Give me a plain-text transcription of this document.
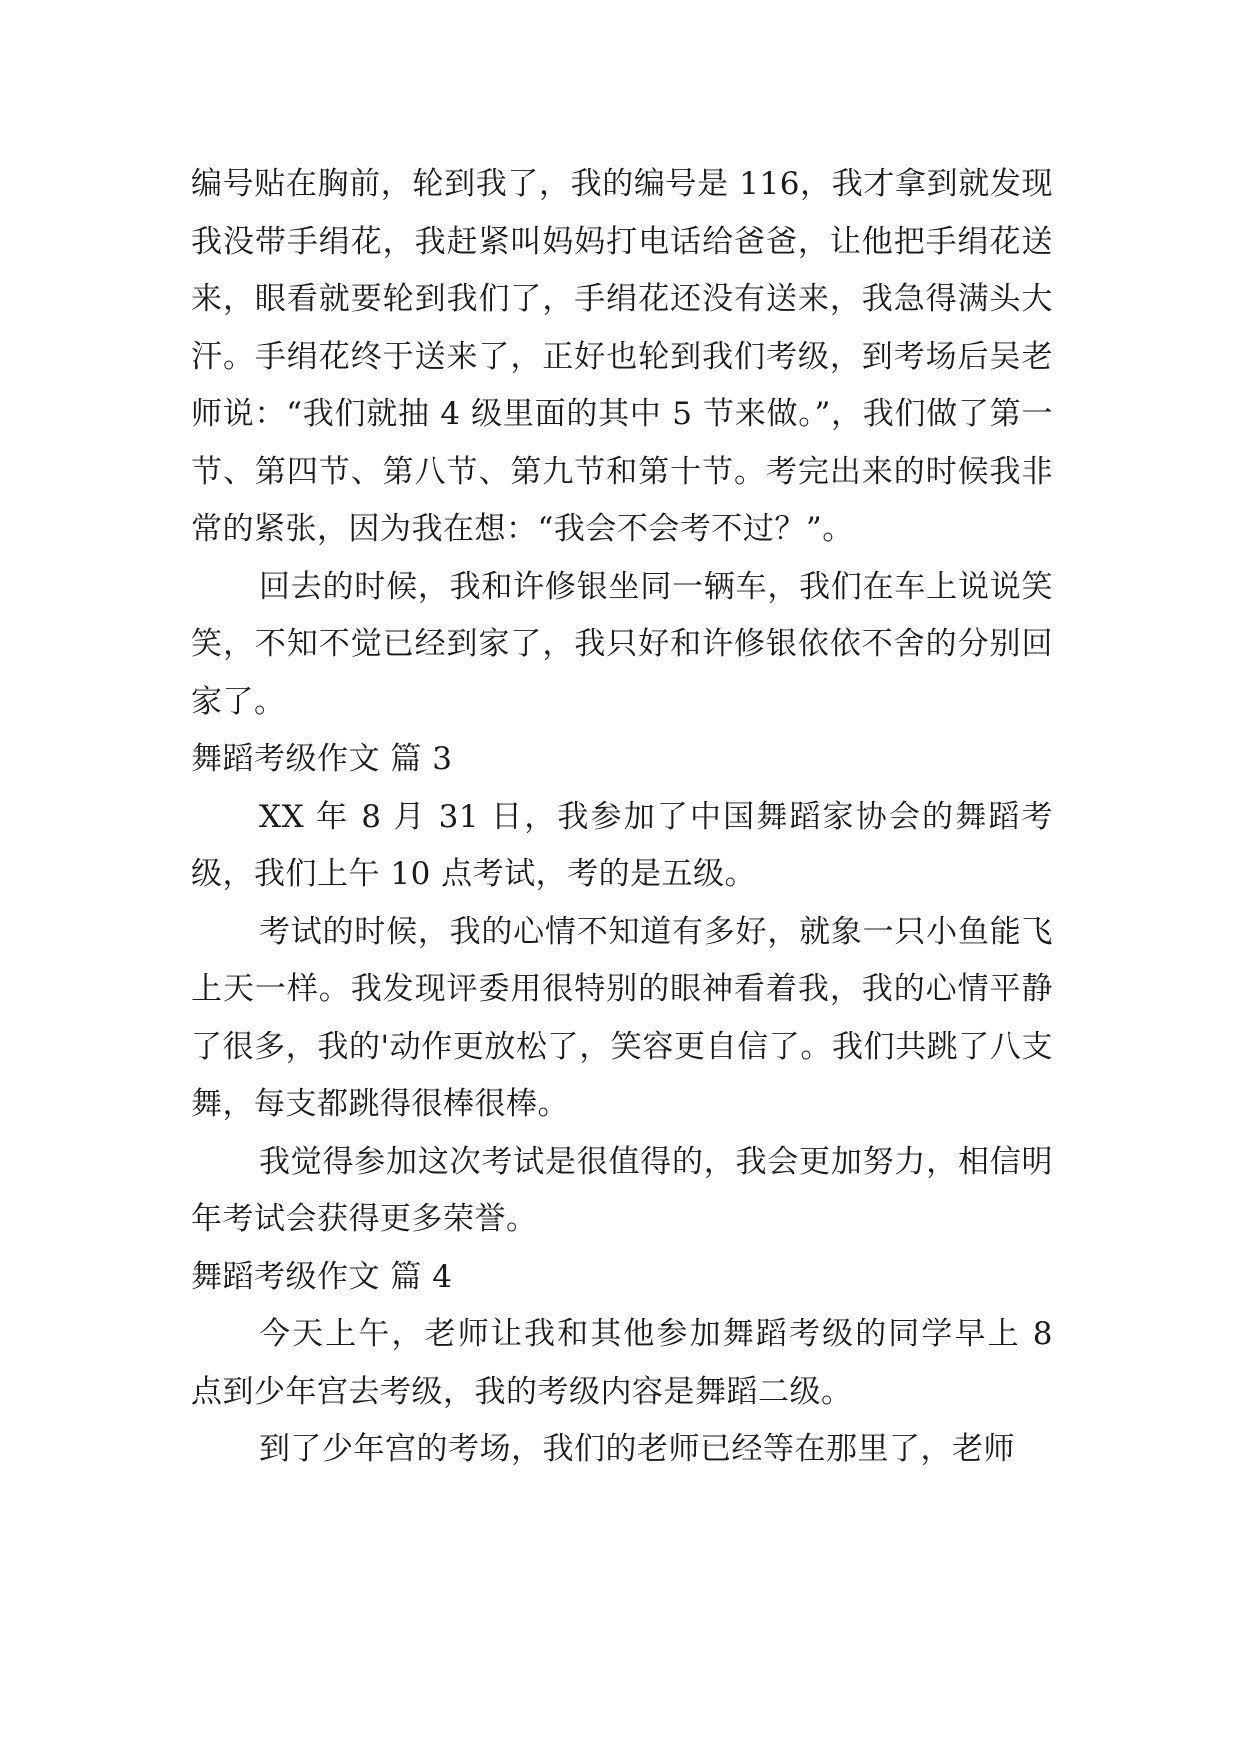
编号贴在胸前，轮到我了，我的编号是 116，我才拿到就发现我没带手绢花，我赶紧叫妈妈打电话给爸爸，让他把手绢花送来，眼看就要轮到我们了，手绢花还没有送来，我急得满头大汗。手绢花终于送来了，正好也轮到我们考级，到考场后吴老师说：“我们就抽 4 级里面的其中 5 节来做。”，我们做了第一节、第四节、第八节、第九节和第十节。考完出来的时候我非常的紧张，因为我在想：“我会不会考不过？”。

回去的时候，我和许修银坐同一辆车，我们在车上说说笑笑，不知不觉已经到家了，我只好和许修银依依不舍的分别回家了。

舞蹈考级作文 篇 3

XX 年 8 月 31 日，我参加了中国舞蹈家协会的舞蹈考级，我们上午 10 点考试，考的是五级。

考试的时候，我的心情不知道有多好，就象一只小鱼能飞上天一样。我发现评委用很特别的眼神看着我，我的心情平静了很多，我的'动作更放松了，笑容更自信了。我们共跳了八支舞，每支都跳得很棒很棒。

我觉得参加这次考试是很值得的，我会更加努力，相信明年考试会获得更多荣誉。

舞蹈考级作文 篇 4

今天上午，老师让我和其他参加舞蹈考级的同学早上 8 点到少年宫去考级，我的考级内容是舞蹈二级。

到了少年宫的考场，我们的老师已经等在那里了，老师
